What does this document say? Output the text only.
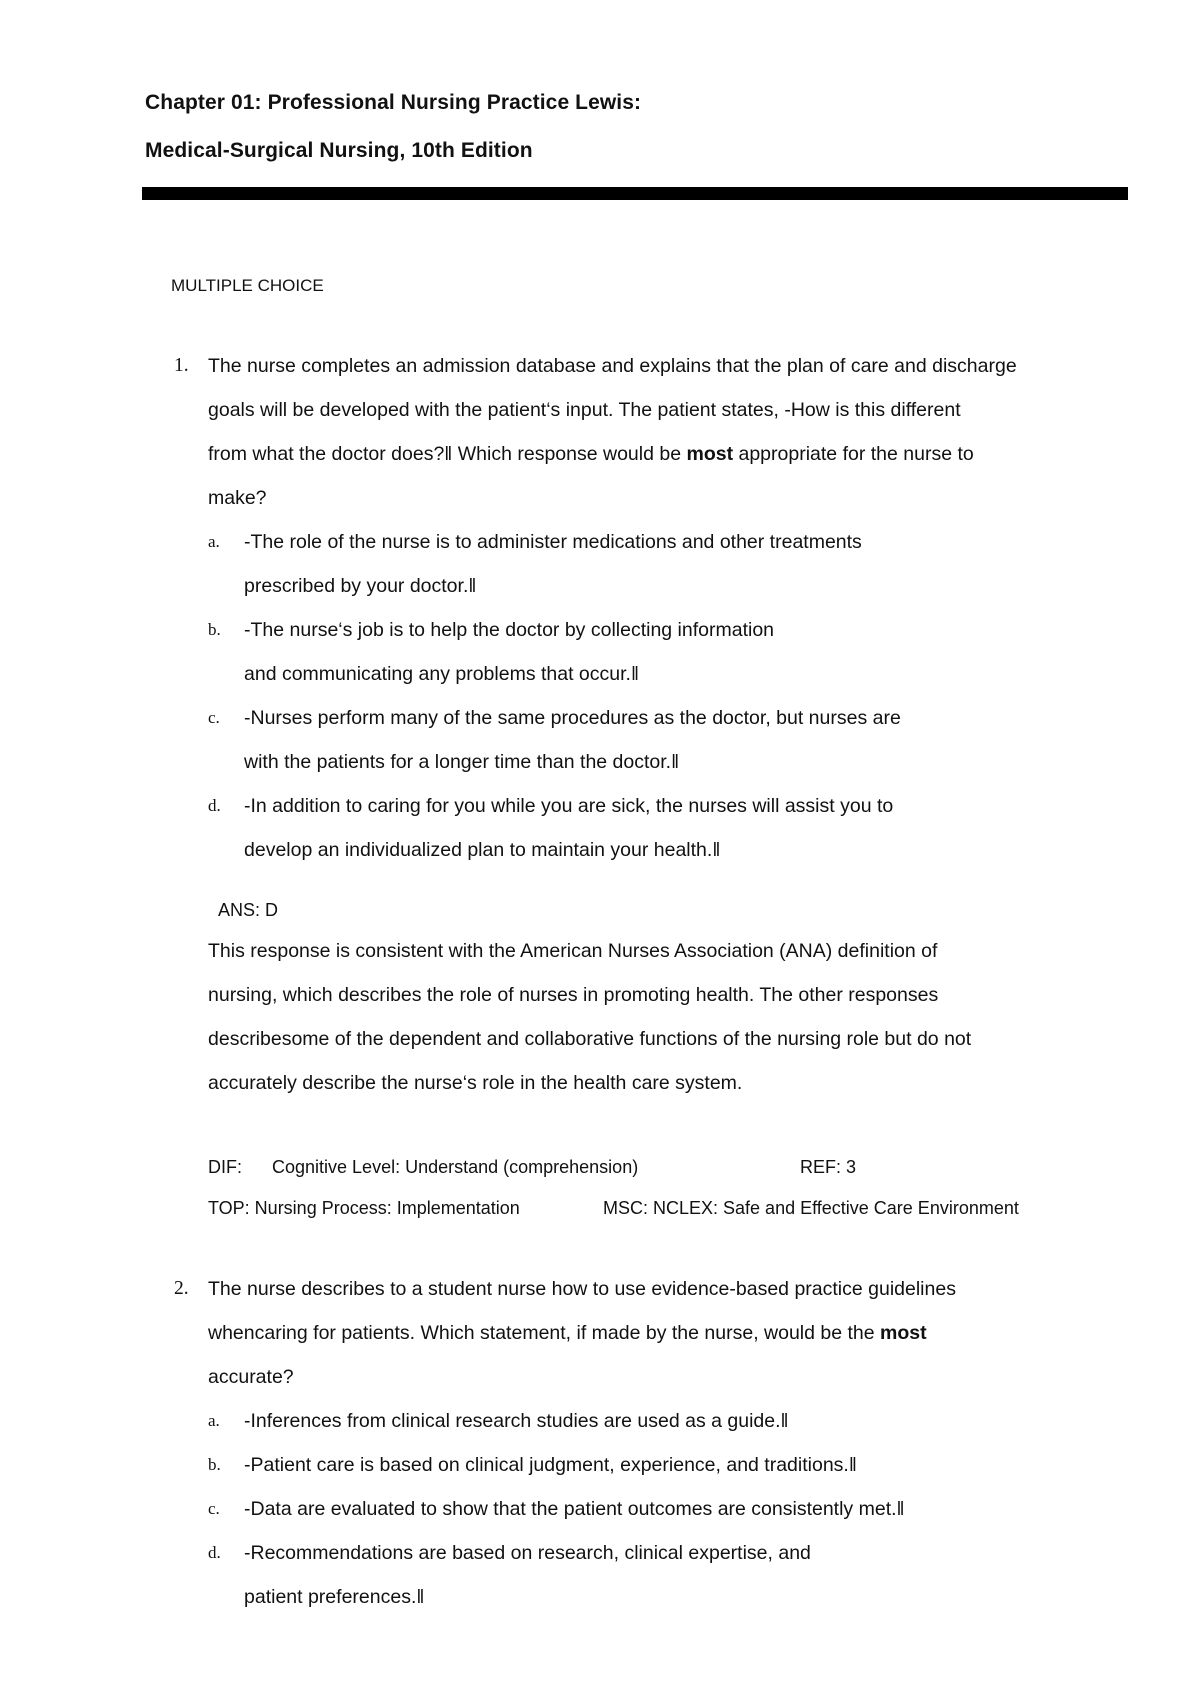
Chapter 01: Professional Nursing Practice Lewis:
Medical-Surgical Nursing, 10th Edition
MULTIPLE CHOICE
1. The nurse completes an admission database and explains that the plan of care and discharge
goals will be developed with the patient‘s input. The patient states, ‑How is this different
from what the doctor does?‖ Which response would be most appropriate for the nurse to
make?
a. ‑The role of the nurse is to administer medications and other treatments
prescribed by your doctor.‖
b. ‑The nurse‘s job is to help the doctor by collecting information
and communicating any problems that occur.‖
c. ‑Nurses perform many of the same procedures as the doctor, but nurses are
with the patients for a longer time than the doctor.‖
d. ‑In addition to caring for you while you are sick, the nurses will assist you to
develop an individualized plan to maintain your health.‖
ANS: D
This response is consistent with the American Nurses Association (ANA) definition of
nursing, which describes the role of nurses in promoting health. The other responses
describesome of the dependent and collaborative functions of the nursing role but do not
accurately describe the nurse‘s role in the health care system.
DIF: Cognitive Level: Understand (comprehension)	REF: 3
TOP: Nursing Process: Implementation	MSC: NCLEX: Safe and Effective Care Environment
2. The nurse describes to a student nurse how to use evidence-based practice guidelines
whencaring for patients. Which statement, if made by the nurse, would be the most
accurate?
a. ‑Inferences from clinical research studies are used as a guide.‖
b. ‑Patient care is based on clinical judgment, experience, and traditions.‖
c. ‑Data are evaluated to show that the patient outcomes are consistently met.‖
d. ‑Recommendations are based on research, clinical expertise, and
patient preferences.‖
